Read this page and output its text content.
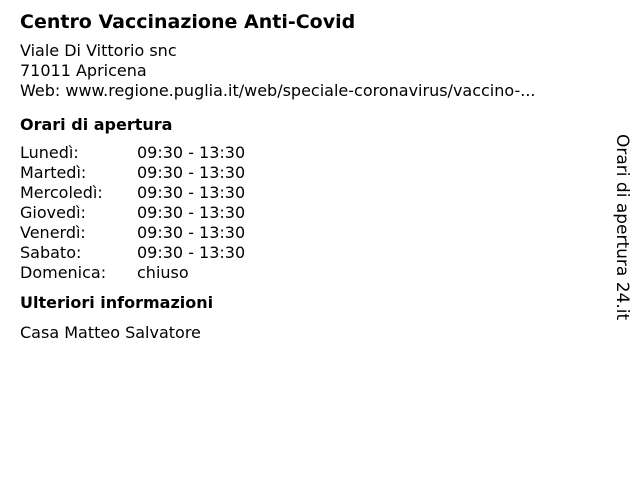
Centro Vaccinazione Anti-Covid
Viale Di Vittorio snc
71011 Apricena
Web: www.regione.puglia.it/web/speciale-coronavirus/vaccino-...
Orari di apertura
Lunedì:	09:30 - 13:30
Martedì:	09:30 - 13:30
Mercoledì:	09:30 - 13:30
Giovedì:	09:30 - 13:30
Venerdì:	09:30 - 13:30
Sabato:	09:30 - 13:30
Domenica:	chiuso
Ulteriori informazioni
Casa Matteo Salvatore
Orari di apertura 24.it
